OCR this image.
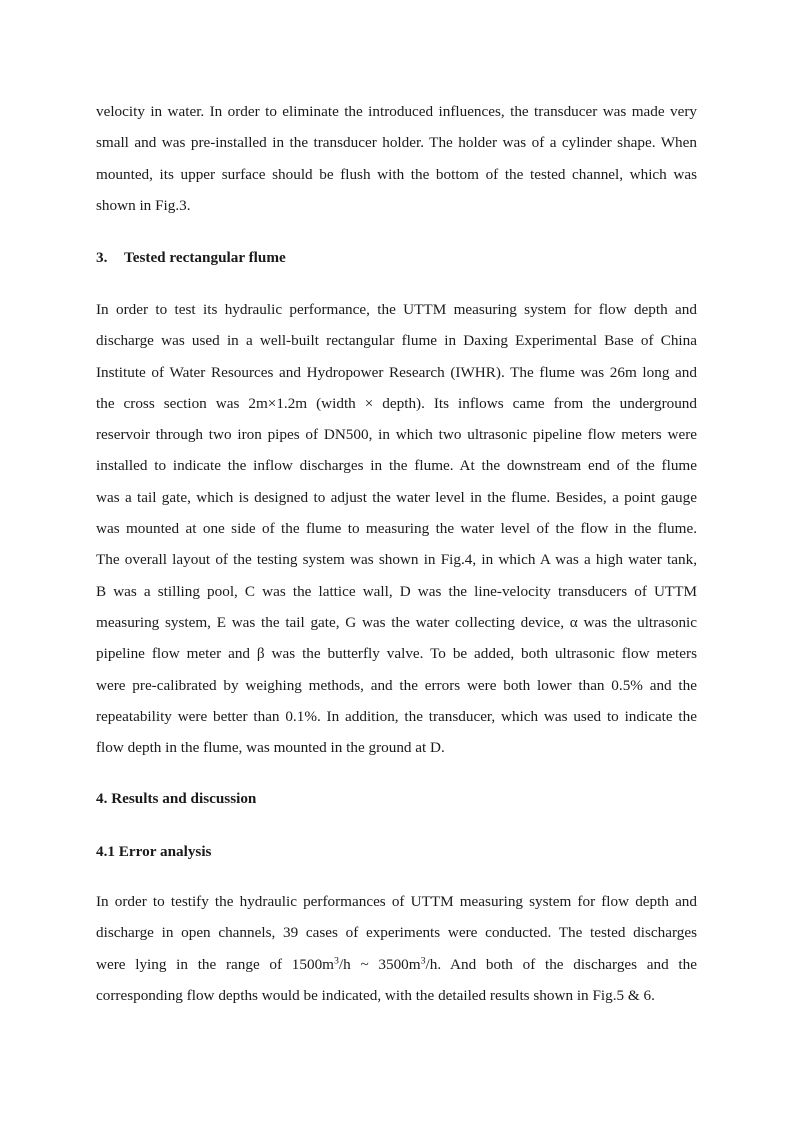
velocity in water. In order to eliminate the introduced influences, the transducer was made very
small and was pre-installed in the transducer holder. The holder was of a cylinder shape. When
mounted, its upper surface should be flush with the bottom of the tested channel, which was
shown in Fig.3.

3. Tested rectangular flume

In order to test its hydraulic performance, the UTTM measuring system for flow depth and
discharge was used in a well-built rectangular flume in Daxing Experimental Base of China
Institute of Water Resources and Hydropower Research (IWHR). The flume was 26m long and
the cross section was 2m×1.2m (width × depth). Its inflows came from the underground
reservoir through two iron pipes of DN500, in which two ultrasonic pipeline flow meters were
installed to indicate the inflow discharges in the flume. At the downstream end of the flume
was a tail gate, which is designed to adjust the water level in the flume. Besides, a point gauge
was mounted at one side of the flume to measuring the water level of the flow in the flume.
The overall layout of the testing system was shown in Fig.4, in which A was a high water tank,
B was a stilling pool, C was the lattice wall, D was the line-velocity transducers of UTTM
measuring system, E was the tail gate, G was the water collecting device, α was the ultrasonic
pipeline flow meter and β was the butterfly valve. To be added, both ultrasonic flow meters
were pre-calibrated by weighing methods, and the errors were both lower than 0.5% and the
repeatability were better than 0.1%. In addition, the transducer, which was used to indicate the
flow depth in the flume, was mounted in the ground at D.

4. Results and discussion
4.1 Error analysis

In order to testify the hydraulic performances of UTTM measuring system for flow depth and
discharge in open channels, 39 cases of experiments were conducted. The tested discharges
were lying in the range of $1500m^3/h$ ~ $3500m^3/h$. And both of the discharges and the
corresponding flow depths would be indicated, with the detailed results shown in Fig.5 & 6.
